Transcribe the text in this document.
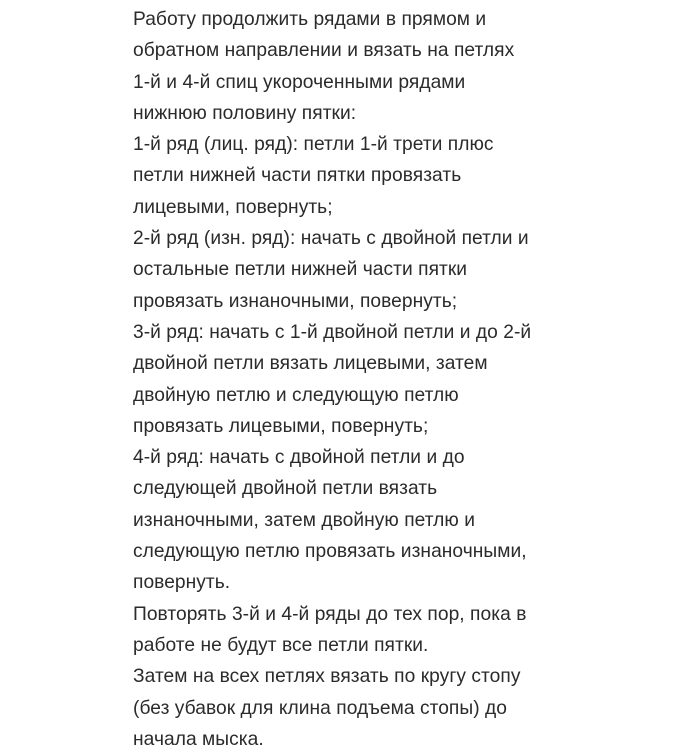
Работу продолжить рядами в прямом и
обратном направлении и вязать на петлях
1-й и 4-й спиц укороченными рядами
нижнюю половину пятки:
1-й ряд (лиц. ряд): петли 1-й трети плюс
петли нижней части пятки провязать
лицевыми, повернуть;
2-й ряд (изн. ряд): начать с двойной петли и
остальные петли нижней части пятки
провязать изнаночными, повернуть;
3-й ряд: начать с 1-й двойной петли и до 2-й
двойной петли вязать лицевыми, затем
двойную петлю и следующую петлю
провязать лицевыми, повернуть;
4-й ряд: начать с двойной петли и до
следующей двойной петли вязать
изнаночными, затем двойную петлю и
следующую петлю провязать изнаночными,
повернуть.
Повторять 3-й и 4-й ряды до тех пор, пока в
работе не будут все петли пятки.
Затем на всех петлях вязать по кругу стопу
(без убавок для клина подъема стопы) до
начала мыска.
